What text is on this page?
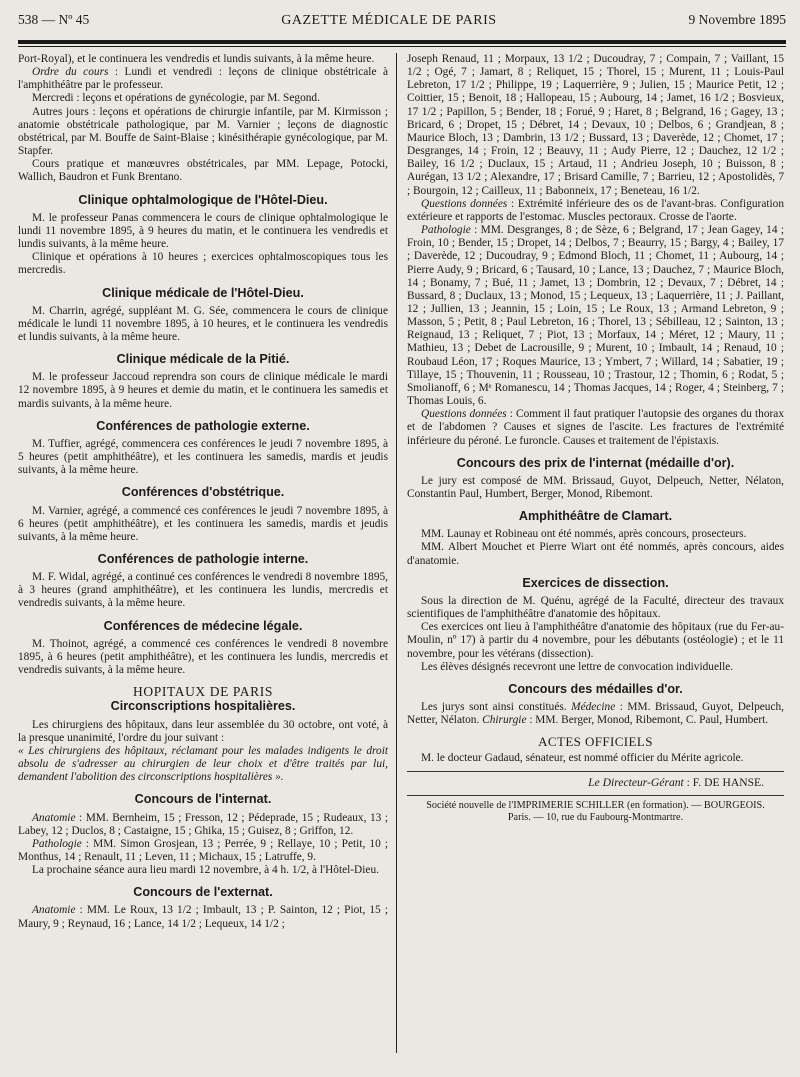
538 — Nº 45	GAZETTE MÉDICALE DE PARIS	9 Novembre 1895

Port-Royal), et le continuera les vendredis et lundis suivants, à la même heure.

Ordre du cours : Lundi et vendredi : leçons de clinique obstétricale à l'amphithéâtre par le professeur.

Mercredi : leçons et opérations de gynécologie, par M. Segond.

Autres jours : leçons et opérations de chirurgie infantile, par M. Kirmisson ; anatomie obstétricale pathologique, par M. Varnier ; leçons de diagnostic obstétrical, par M. Bouffe de Saint-Blaise ; kinésithérapie gynécologique, par M. Stapfer.

Cours pratique et manœuvres obstétricales, par MM. Lepage, Potocki, Wallich, Baudron et Funk Brentano.

Clinique ophtalmologique de l'Hôtel-Dieu.

M. le professeur Panas commencera le cours de clinique ophtalmologique le lundi 11 novembre 1895, à 9 heures du matin, et le continuera les vendredis et lundis suivants, à la même heure.

Clinique et opérations à 10 heures ; exercices ophtalmoscopiques tous les mercredis.

Clinique médicale de l'Hôtel-Dieu.

M. Charrin, agrégé, suppléant M. G. Sée, commencera le cours de clinique médicale le lundi 11 novembre 1895, à 10 heures, et le continuera les vendredis et lundis suivants, à la même heure.

Clinique médicale de la Pitié.

M. le professeur Jaccoud reprendra son cours de clinique médicale le mardi 12 novembre 1895, à 9 heures et demie du matin, et le continuera les samedis et mardis suivants, à la même heure.

Conférences de pathologie externe.

M. Tuffier, agrégé, commencera ces conférences le jeudi 7 novembre 1895, à 5 heures (petit amphithéâtre), et les continuera les samedis, mardis et jeudis suivants, à la même heure.

Conférences d'obstétrique.

M. Varnier, agrégé, a commencé ces conférences le jeudi 7 novembre 1895, à 6 heures (petit amphithéâtre), et les continuera les samedis, mardis et jeudis suivants, à la même heure.

Conférences de pathologie interne.

M. F. Widal, agrégé, a continué ces conférences le vendredi 8 novembre 1895, à 3 heures (grand amphithéâtre), et les continuera les lundis, mercredis et vendredis suivants, à la même heure.

Conférences de médecine légale.

M. Thoinot, agrégé, a commencé ces conférences le vendredi 8 novembre 1895, à 6 heures (petit amphithéâtre), et les continuera les lundis, mercredis et vendredis suivants, à la même heure.

HOPITAUX DE PARIS
Circonscriptions hospitalières.

Les chirurgiens des hôpitaux, dans leur assemblée du 30 octobre, ont voté, à la presque unanimité, l'ordre du jour suivant :

« Les chirurgiens des hôpitaux, réclamant pour les malades indigents le droit absolu de s'adresser au chirurgien de leur choix et d'être traités par lui, demandent l'abolition des circonscriptions hospitalières ».

Concours de l'internat.

Anatomie : MM. Bernheim, 15 ; Fresson, 12 ; Pédeprade, 15 ; Rudeaux, 13 ; Labey, 12 ; Duclos, 8 ; Castaigne, 15 ; Ghika, 15 ; Guisez, 8 ; Griffon, 12.

Pathologie : MM. Simon Grosjean, 13 ; Perrée, 9 ; Rellaye, 10 ; Petit, 10 ; Monthus, 14 ; Renault, 11 ; Leven, 11 ; Michaux, 15 ; Latruffe, 9.

La prochaine séance aura lieu mardi 12 novembre, à 4 h. 1/2, à l'Hôtel-Dieu.

Concours de l'externat.

Anatomie : MM. Le Roux, 13 1/2 ; Imbault, 13 ; P. Sainton, 12 ; Piot, 15 ; Maury, 9 ; Reynaud, 16 ; Lance, 14 1/2 ; Lequeux, 14 1/2 ;

Joseph Renaud, 11 ; Morpaux, 13 1/2 ; Ducoudray, 7 ; Compain, 7 ; Vaillant, 15 1/2 ; Ogé, 7 ; Jamart, 8 ; Reliquet, 15 ; Thorel, 15 ; Murent, 11 ; Louis-Paul Lebreton, 17 1/2 ; Philippe, 19 ; Laquerrière, 9 ; Julien, 15 ; Maurice Petit, 12 ; Coittier, 15 ; Benoit, 18 ; Hallopeau, 15 ; Aubourg, 14 ; Jamet, 16 1/2 ; Bosvieux, 17 1/2 ; Papillon, 5 ; Bender, 18 ; Forué, 9 ; Haret, 8 ; Belgrand, 16 ; Gagey, 13 ; Bricard, 6 ; Dropet, 15 ; Débret, 14 ; Devaux, 10 ; Delbos, 6 ; Grandjean, 8 ; Maurice Bloch, 13 ; Dambrin, 13 1/2 ; Bussard, 13 ; Daverède, 12 ; Chomet, 17 ; Desgranges, 14 ; Froin, 12 ; Beauvy, 11 ; Audy Pierre, 12 ; Dauchez, 12 1/2 ; Bailey, 16 1/2 ; Duclaux, 15 ; Artaud, 11 ; Andrieu Joseph, 10 ; Buisson, 8 ; Aurégan, 13 1/2 ; Alexandre, 17 ; Brisard Camille, 7 ; Barrieu, 12 ; Apostolidès, 7 ; Bourgoin, 12 ; Cailleux, 11 ; Babonneix, 17 ; Beneteau, 16 1/2.

Questions données : Extrémité inférieure des os de l'avant-bras. Configuration extérieure et rapports de l'estomac. Muscles pectoraux. Crosse de l'aorte.

Pathologie : MM. Desgranges, 8 ; de Sèze, 6 ; Belgrand, 17 ; Jean Gagey, 14 ; Froin, 10 ; Bender, 15 ; Dropet, 14 ; Delbos, 7 ; Beaurry, 15 ; Bargy, 4 ; Bailey, 17 ; Daverède, 12 ; Ducoudray, 9 ; Edmond Bloch, 11 ; Chomet, 11 ; Aubourg, 14 ; Pierre Audy, 9 ; Bricard, 6 ; Tausard, 10 ; Lance, 13 ; Dauchez, 7 ; Maurice Bloch, 14 ; Bonamy, 7 ; Bué, 11 ; Jamet, 13 ; Dombrin, 12 ; Devaux, 7 ; Débret, 14 ; Bussard, 8 ; Duclaux, 13 ; Monod, 15 ; Lequeux, 13 ; Laquerrière, 11 ; J. Paillant, 12 ; Jullien, 13 ; Jeannin, 15 ; Loin, 15 ; Le Roux, 13 ; Armand Lebreton, 9 ; Masson, 5 ; Petit, 8 ; Paul Lebreton, 16 ; Thorel, 13 ; Sébilleau, 12 ; Sainton, 13 ; Reignaud, 13 ; Reliquet, 7 ; Piot, 13 ; Morfaux, 14 ; Méret, 12 ; Maury, 11 ; Mathieu, 13 ; Debet de Lacrousille, 9 ; Murent, 10 ; Imbault, 14 ; Renaud, 10 ; Roubaud Léon, 17 ; Roques Maurice, 13 ; Ymbert, 7 ; Willard, 14 ; Sabatier, 19 ; Tillaye, 15 ; Thouvenin, 11 ; Rousseau, 10 ; Trastour, 12 ; Thomin, 6 ; Rodat, 5 ; Smolianoff, 6 ; Mᵉ Romanescu, 14 ; Thomas Jacques, 14 ; Roger, 4 ; Steinberg, 7 ; Thomas Louis, 6.

Questions données : Comment il faut pratiquer l'autopsie des organes du thorax et de l'abdomen ? Causes et signes de l'ascite. Les fractures de l'extrémité inférieure du péroné. Le furoncle. Causes et traitement de l'épistaxis.

Concours des prix de l'internat (médaille d'or).

Le jury est composé de MM. Brissaud, Guyot, Delpeuch, Netter, Nélaton, Constantin Paul, Humbert, Berger, Monod, Ribemont.

Amphithéâtre de Clamart.

MM. Launay et Robineau ont été nommés, après concours, prosecteurs.

MM. Albert Mouchet et Pierre Wiart ont été nommés, après concours, aides d'anatomie.

Exercices de dissection.

Sous la direction de M. Quénu, agrégé de la Faculté, directeur des travaux scientifiques de l'amphithéâtre d'anatomie des hôpitaux.

Ces exercices ont lieu à l'amphithéâtre d'anatomie des hôpitaux (rue du Fer-au-Moulin, nº 17) à partir du 4 novembre, pour les débutants (ostéologie) ; et le 11 novembre, pour les vétérans (dissection).

Les élèves désignés recevront une lettre de convocation individuelle.

Concours des médailles d'or.

Les jurys sont ainsi constitués. Médecine : MM. Brissaud, Guyot, Delpeuch, Netter, Nélaton. Chirurgie : MM. Berger, Monod, Ribemont, C. Paul, Humbert.

ACTES OFFICIELS

M. le docteur Gadaud, sénateur, est nommé officier du Mérite agricole.

Le Directeur-Gérant : F. DE HANSE.
Société nouvelle de l'IMPRIMERIE SCHILLER (en formation). — BOURGEOIS.
Paris. — 10, rue du Faubourg-Montmartre.
